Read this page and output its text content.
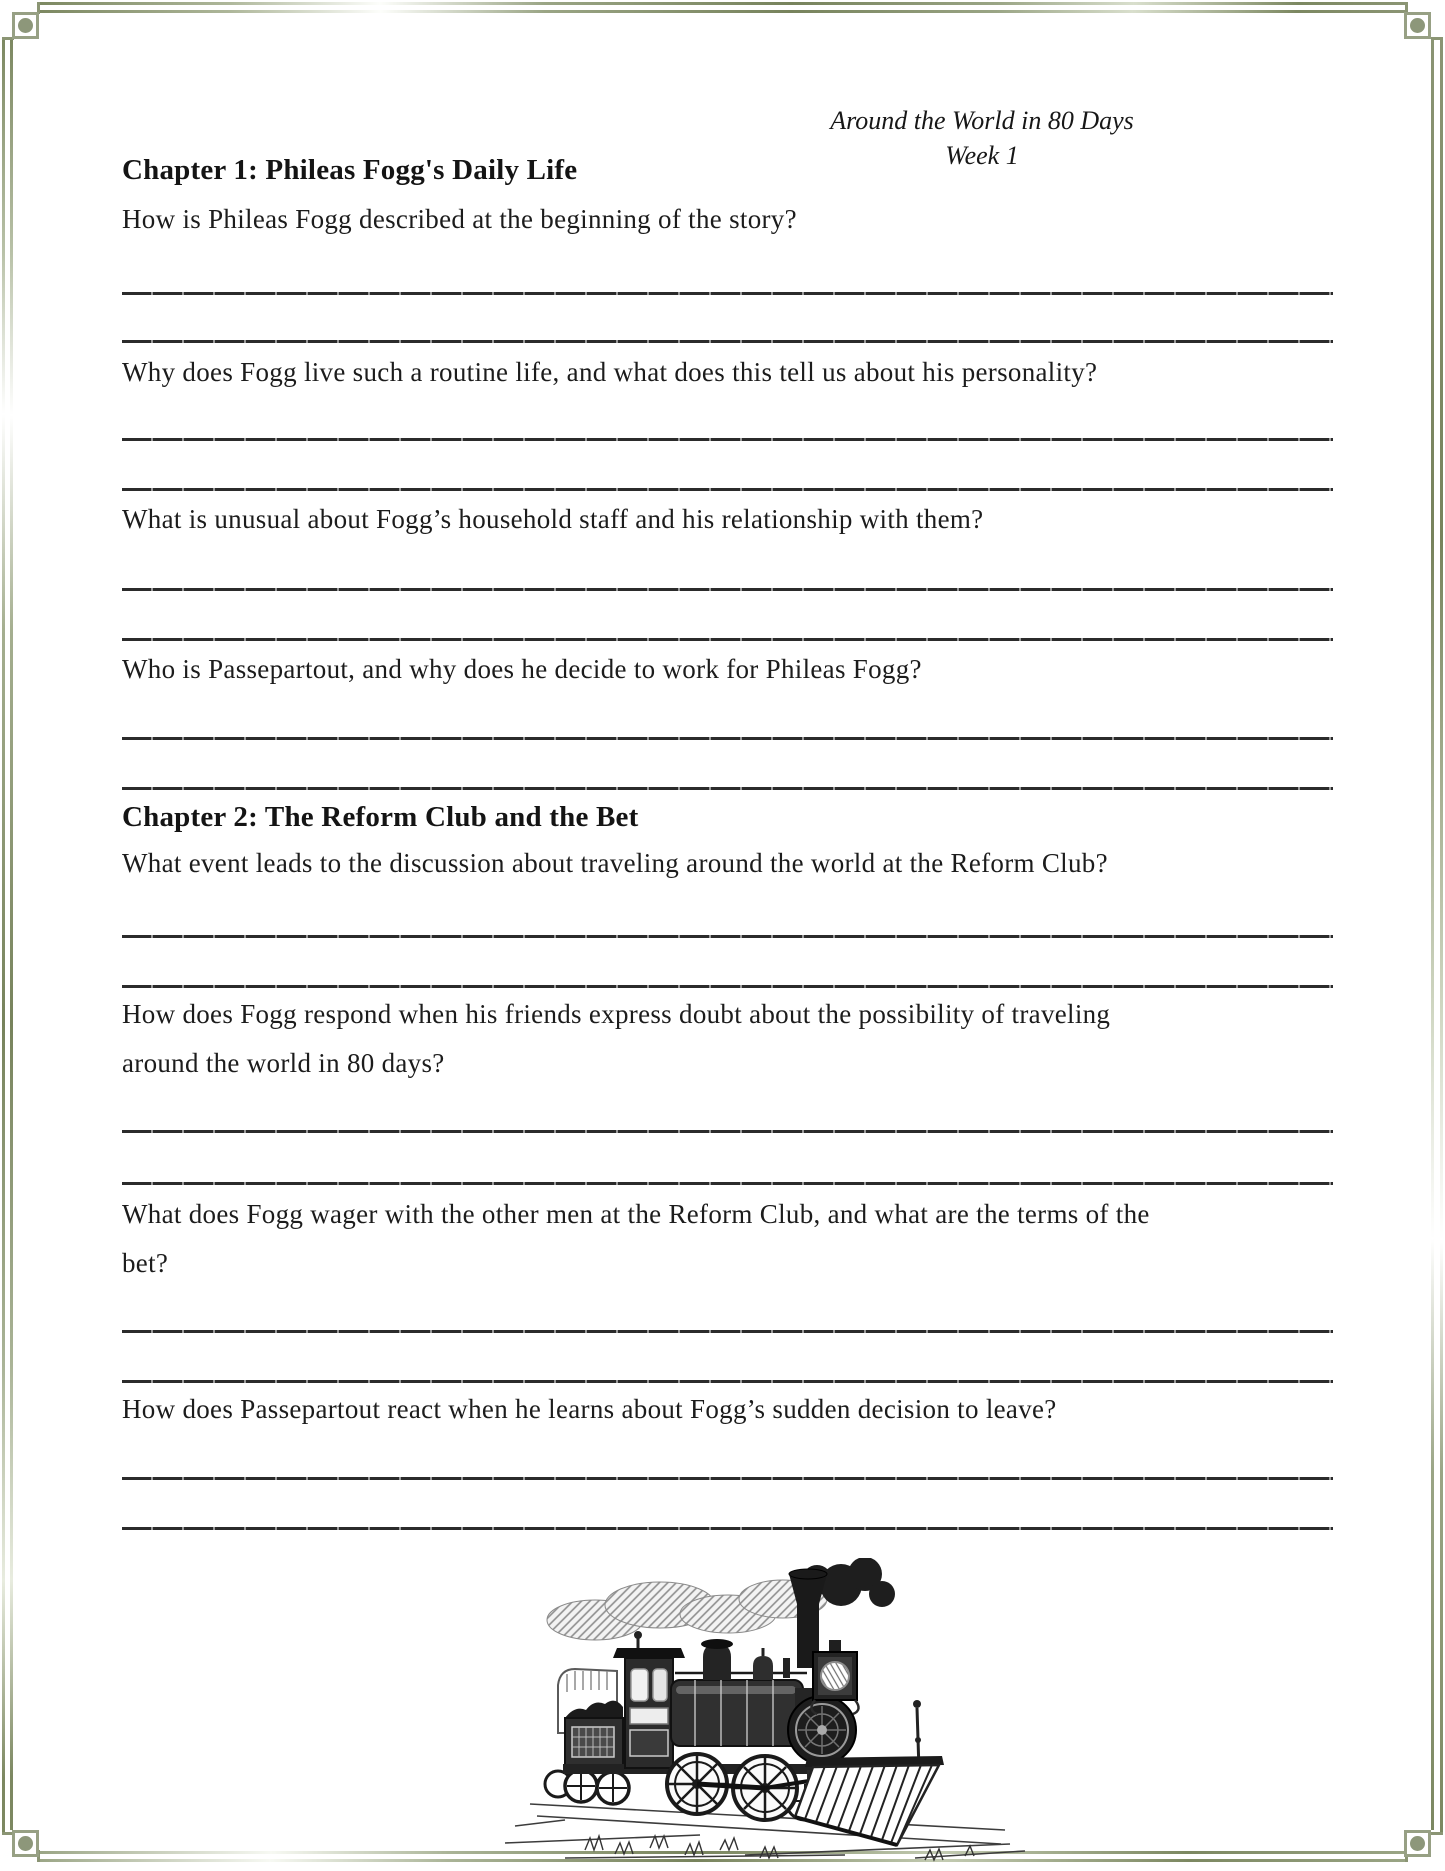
Around the World in 80 Days
Week 1
Chapter 1: Phileas Fogg's Daily Life
How is Phileas Fogg described at the beginning of the story?
Why does Fogg live such a routine life, and what does this tell us about his personality?
What is unusual about Fogg’s household staff and his relationship with them?
Who is Passepartout, and why does he decide to work for Phileas Fogg?
Chapter 2: The Reform Club and the Bet
What event leads to the discussion about traveling around the world at the Reform Club?
How does Fogg respond when his friends express doubt about the possibility of traveling
around the world in 80 days?
What does Fogg wager with the other men at the Reform Club, and what are the terms of the
bet?
How does Passepartout react when he learns about Fogg’s sudden decision to leave?
